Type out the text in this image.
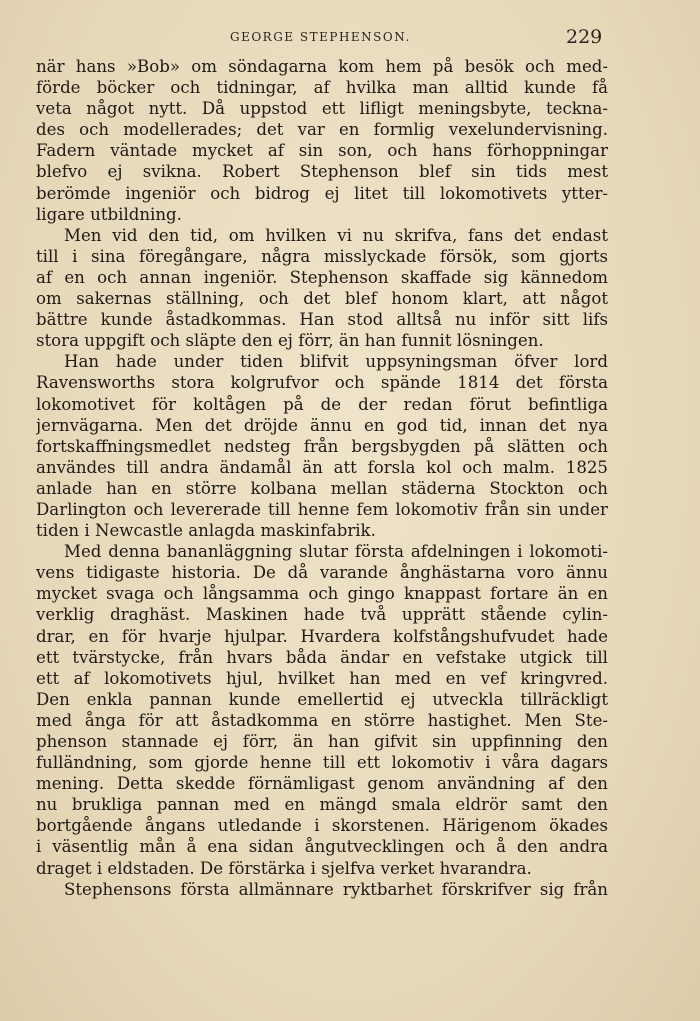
GEORGE STEPHENSON.	229
när hans »Bob» om söndagarna kom hem på besök och med-
förde böcker och tidningar, af hvilka man alltid kunde få
veta något nytt. Då uppstod ett lifligt meningsbyte, teckna-
des och modellerades; det var en formlig vexelundervisning.
Fadern väntade mycket af sin son, och hans förhoppningar
blefvo ej svikna. Robert Stephenson blef sin tids mest
berömde ingeniör och bidrog ej litet till lokomotivets ytter-
ligare utbildning.
Men vid den tid, om hvilken vi nu skrifva, fans det endast
till i sina föregångare, några misslyckade försök, som gjorts
af en och annan ingeniör. Stephenson skaffade sig kännedom
om sakernas ställning, och det blef honom klart, att något
bättre kunde åstadkommas. Han stod alltså nu inför sitt lifs
stora uppgift och släpte den ej förr, än han funnit lösningen.
Han hade under tiden blifvit uppsyningsman öfver lord
Ravensworths stora kolgrufvor och spände 1814 det första
lokomotivet för koltågen på de der redan förut befintliga
jernvägarna. Men det dröjde ännu en god tid, innan det nya
fortskaffningsmedlet nedsteg från bergsbygden på slätten och
användes till andra ändamål än att forsla kol och malm. 1825
anlade han en större kolbana mellan städerna Stockton och
Darlington och levererade till henne fem lokomotiv från sin under
tiden i Newcastle anlagda maskinfabrik.
Med denna bananläggning slutar första afdelningen i lokomoti-
vens tidigaste historia. De då varande ånghästarna voro ännu
mycket svaga och långsamma och gingo knappast fortare än en
verklig draghäst. Maskinen hade två upprätt stående cylin-
drar, en för hvarje hjulpar. Hvardera kolfstångshufvudet hade
ett tvärstycke, från hvars båda ändar en vefstake utgick till
ett af lokomotivets hjul, hvilket han med en vef kringvred.
Den enkla pannan kunde emellertid ej utveckla tillräckligt
med ånga för att åstadkomma en större hastighet. Men Ste-
phenson stannade ej förr, än han gifvit sin uppfinning den
fulländning, som gjorde henne till ett lokomotiv i våra dagars
mening. Detta skedde förnämligast genom användning af den
nu brukliga pannan med en mängd smala eldrör samt den
bortgående ångans utledande i skorstenen. Härigenom ökades
i väsentlig mån å ena sidan ångutvecklingen och å den andra
draget i eldstaden. De förstärka i sjelfva verket hvarandra.
Stephensons första allmännare ryktbarhet förskrifver sig från
